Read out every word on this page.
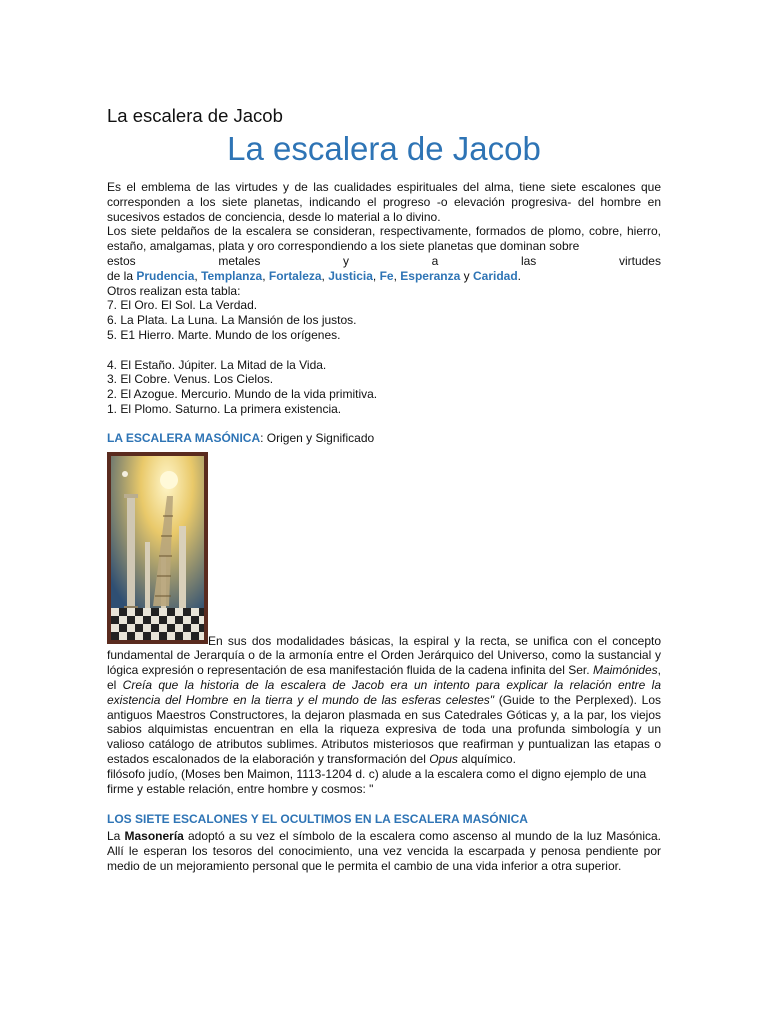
La escalera de Jacob
La escalera de Jacob

Es el emblema de las virtudes y de las cualidades espirituales del alma, tiene siete escalones que corresponden a los siete planetas, indicando el progreso -o elevación progresiva- del hombre en sucesivos estados de conciencia, desde lo material a lo divino.

Los siete peldaños de la escalera se consideran, respectivamente, formados de plomo, cobre, hierro, estaño, amalgamas, plata y oro correspondiendo a los siete planetas que dominan sobre

estos	metales	y	a	las	virtudes

de la Prudencia, Templanza, Fortaleza, Justicia, Fe, Esperanza y Caridad.

Otros realizan esta tabla:

7. El Oro. El Sol. La Verdad.

6. La Plata. La Luna. La Mansión de los justos.

5. E1 Hierro. Marte. Mundo de los orígenes.

4. El Estaño. Júpiter. La Mitad de la Vida.

3. El Cobre. Venus. Los Cielos.

2. El Azogue. Mercurio. Mundo de la vida primitiva.

1. El Plomo. Saturno. La primera existencia.

LA ESCALERA MASÓNICA: Origen y Significado

En sus dos modalidades básicas, la espiral y la recta, se unifica con el concepto fundamental de Jerarquía o de la armonía entre el Orden Jerárquico del Universo, como la sustancial y lógica expresión o representación de esa manifestación fluida de la cadena infinita del Ser. Maimónides, el Creía que la historia de la escalera de Jacob era un intento para explicar la relación entre la existencia del Hombre en la tierra y el mundo de las esferas celestes" (Guide to the Perplexed). Los antiguos Maestros Constructores, la dejaron plasmada en sus Catedrales Góticas y, a la par, los viejos sabios alquimistas encuentran en ella la riqueza expresiva de toda una profunda simbología y un valioso catálogo de atributos sublimes. Atributos misteriosos que reafirman y puntualizan las etapas o estados escalonados de la elaboración y transformación del Opus alquímico.

filósofo judío, (Moses ben Maimon, 1113-1204 d. c) alude a la escalera como el digno ejemplo de una firme y estable relación, entre hombre y cosmos: "

LOS SIETE ESCALONES Y EL OCULTIMOS EN LA ESCALERA MASÓNICA

La Masonería adoptó a su vez el símbolo de la escalera como ascenso al mundo de la luz Masónica. Allí le esperan los tesoros del conocimiento, una vez vencida la escarpada y penosa pendiente por medio de un mejoramiento personal que le permita el cambio de una vida inferior a otra superior.
